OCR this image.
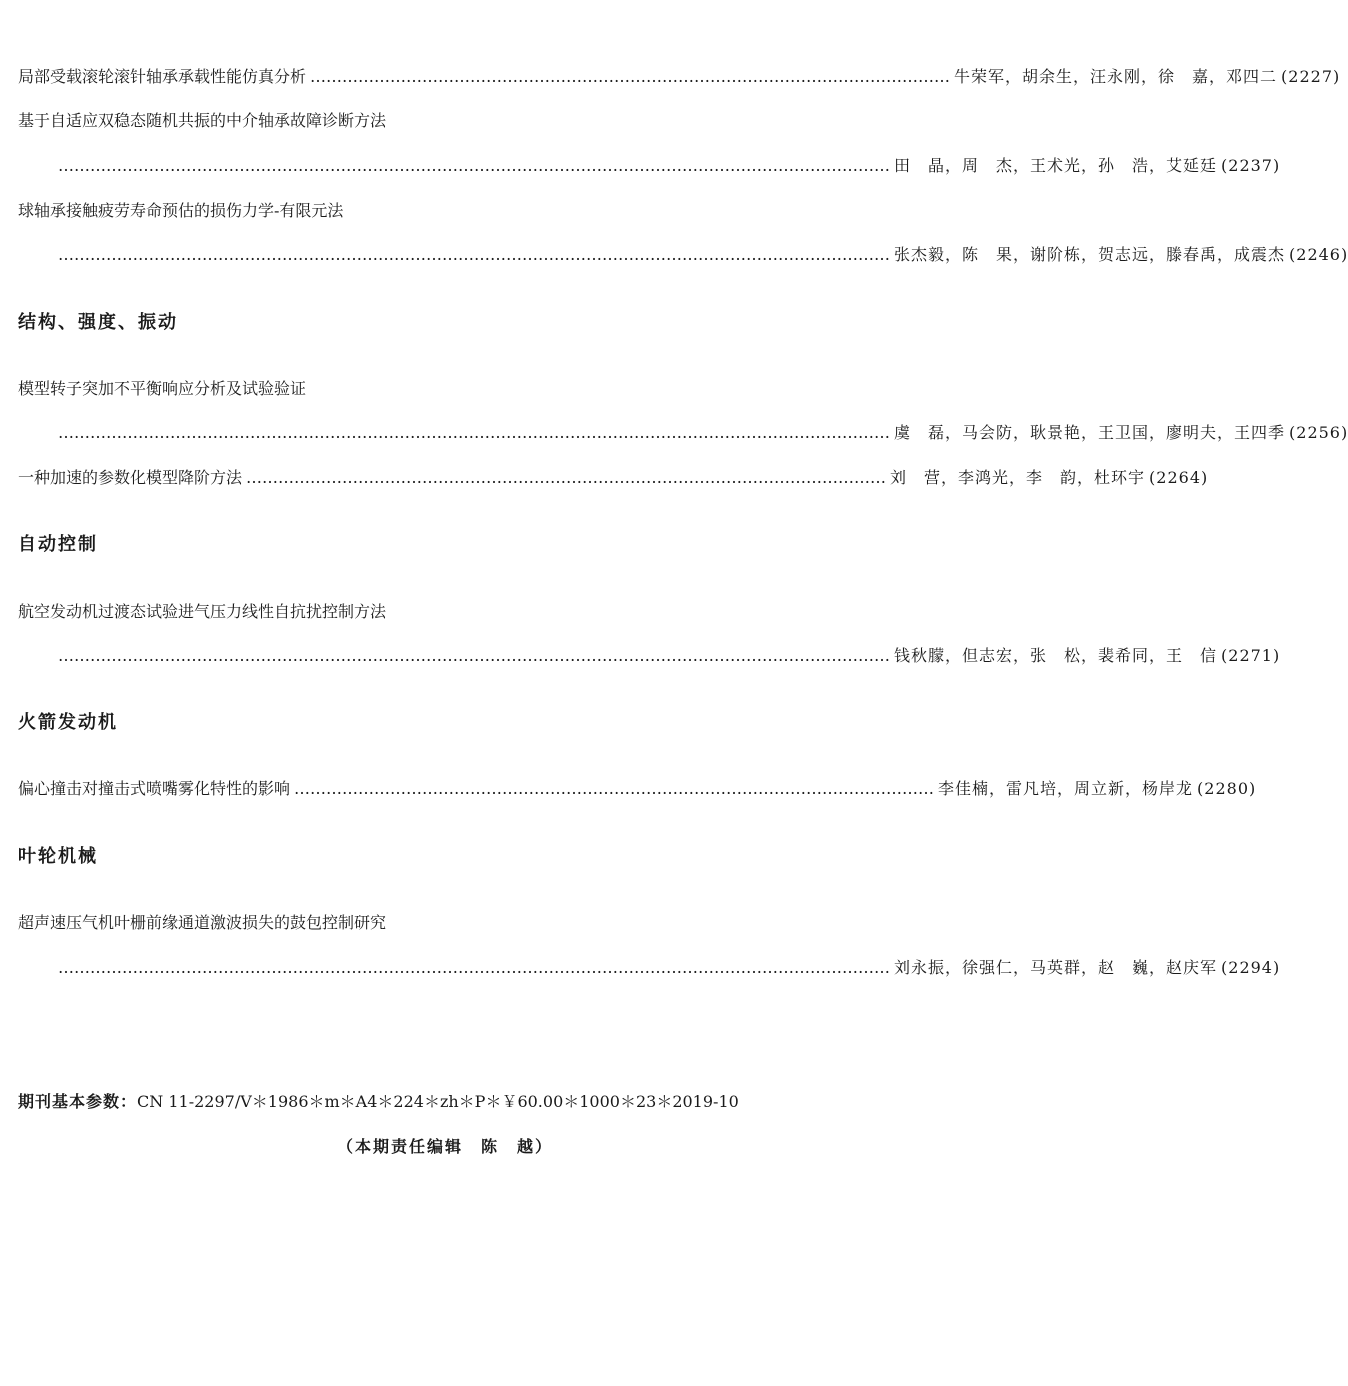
局部受载滚轮滚针轴承承载性能仿真分析 ………………………………………………………………………………………………………… 牛荣军，胡余生，汪永刚，徐　嘉，邓四二 (2227)
基于自适应双稳态随机共振的中介轴承故障诊断方法
………………………………………………………………………………………………………………………………………… 田　晶，周　杰，王术光，孙　浩，艾延廷 (2237)
球轴承接触疲劳寿命预估的损伤力学-有限元法
………………………………………………………………………………………………………………………………………… 张杰毅，陈　果，谢阶栋，贺志远，滕春禹，成震杰 (2246)
结构、强度、振动
模型转子突加不平衡响应分析及试验验证
………………………………………………………………………………………………………………………………………… 虞　磊，马会防，耿景艳，王卫国，廖明夫，王四季 (2256)
一种加速的参数化模型降阶方法 ………………………………………………………………………………………………………… 刘　营，李鸿光，李　韵，杜环宇 (2264)
自动控制
航空发动机过渡态试验进气压力线性自抗扰控制方法
………………………………………………………………………………………………………………………………………… 钱秋朦，但志宏，张　松，裴希同，王　信 (2271)
火箭发动机
偏心撞击对撞击式喷嘴雾化特性的影响 ………………………………………………………………………………………………………… 李佳楠，雷凡培，周立新，杨岸龙 (2280)
叶轮机械
超声速压气机叶栅前缘通道激波损失的鼓包控制研究
………………………………………………………………………………………………………………………………………… 刘永振，徐强仁，马英群，赵　巍，赵庆军 (2294)
期刊基本参数：CN 11-2297/V＊1986＊m＊A4＊224＊zh＊P＊￥60.00＊1000＊23＊2019-10
（本期责任编辑　陈　越）
